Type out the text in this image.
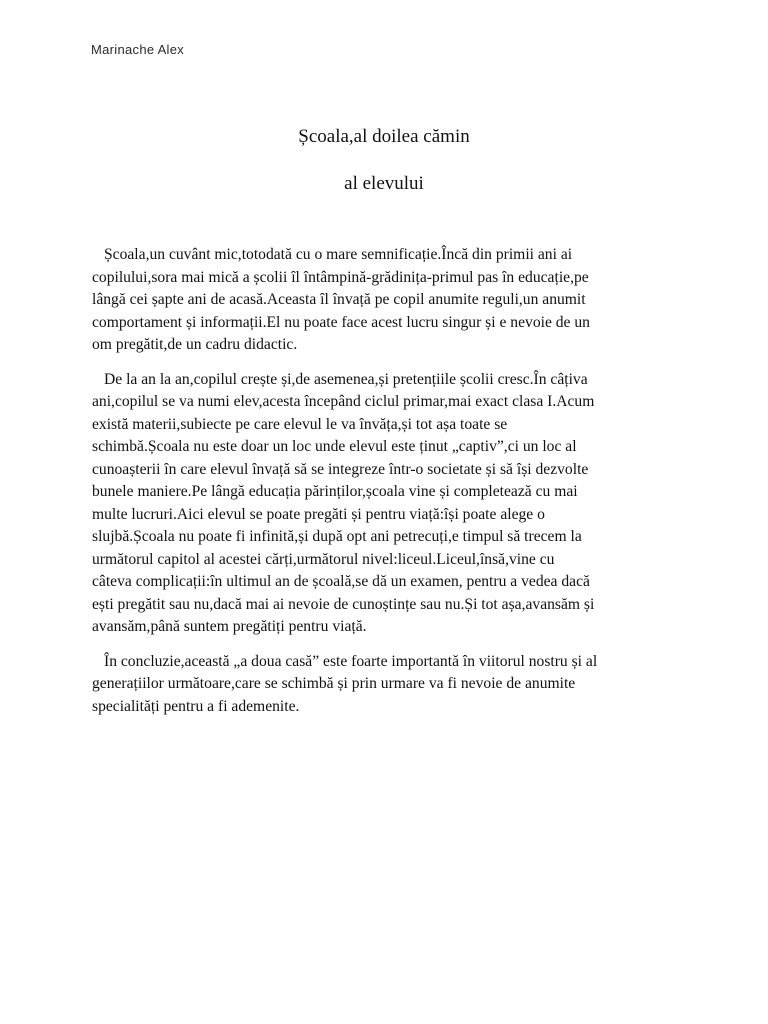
Marinache Alex
Școala,al doilea cămin
al elevului
Școala,un cuvânt mic,totodată cu o mare semnificație.Încă din primii ani ai
copilului,sora mai mică a școlii îl întâmpină-grădinița-primul pas în educație,pe
lângă cei șapte ani de acasă.Aceasta îl învață pe copil anumite reguli,un anumit
comportament și informații.El nu poate face acest lucru singur și e nevoie de un
om pregătit,de un cadru didactic.
De la an la an,copilul crește și,de asemenea,și pretențiile școlii cresc.În câțiva
ani,copilul se va numi elev,acesta începând ciclul primar,mai exact clasa I.Acum
există materii,subiecte pe care elevul le va învăța,și tot așa toate se
schimbă.Școala nu este doar un loc unde elevul este ținut „captiv”,ci un loc al
cunoașterii în care elevul învață să se integreze într-o societate și să își dezvolte
bunele maniere.Pe lângă educația părinților,școala vine și completează cu mai
multe lucruri.Aici elevul se poate pregăti și pentru viață:își poate alege o
slujbă.Școala nu poate fi infinită,și după opt ani petrecuți,e timpul să trecem la
următorul capitol al acestei cărți,următorul nivel:liceul.Liceul,însă,vine cu
câteva complicații:în ultimul an de școală,se dă un examen, pentru a vedea dacă
ești pregătit sau nu,dacă mai ai nevoie de cunoștințe sau nu.Și tot așa,avansăm și
avansăm,până suntem pregătiți pentru viață.
În concluzie,această „a doua casă” este foarte importantă în viitorul nostru și al
generațiilor următoare,care se schimbă și prin urmare va fi nevoie de anumite
specialități pentru a fi ademenite.
